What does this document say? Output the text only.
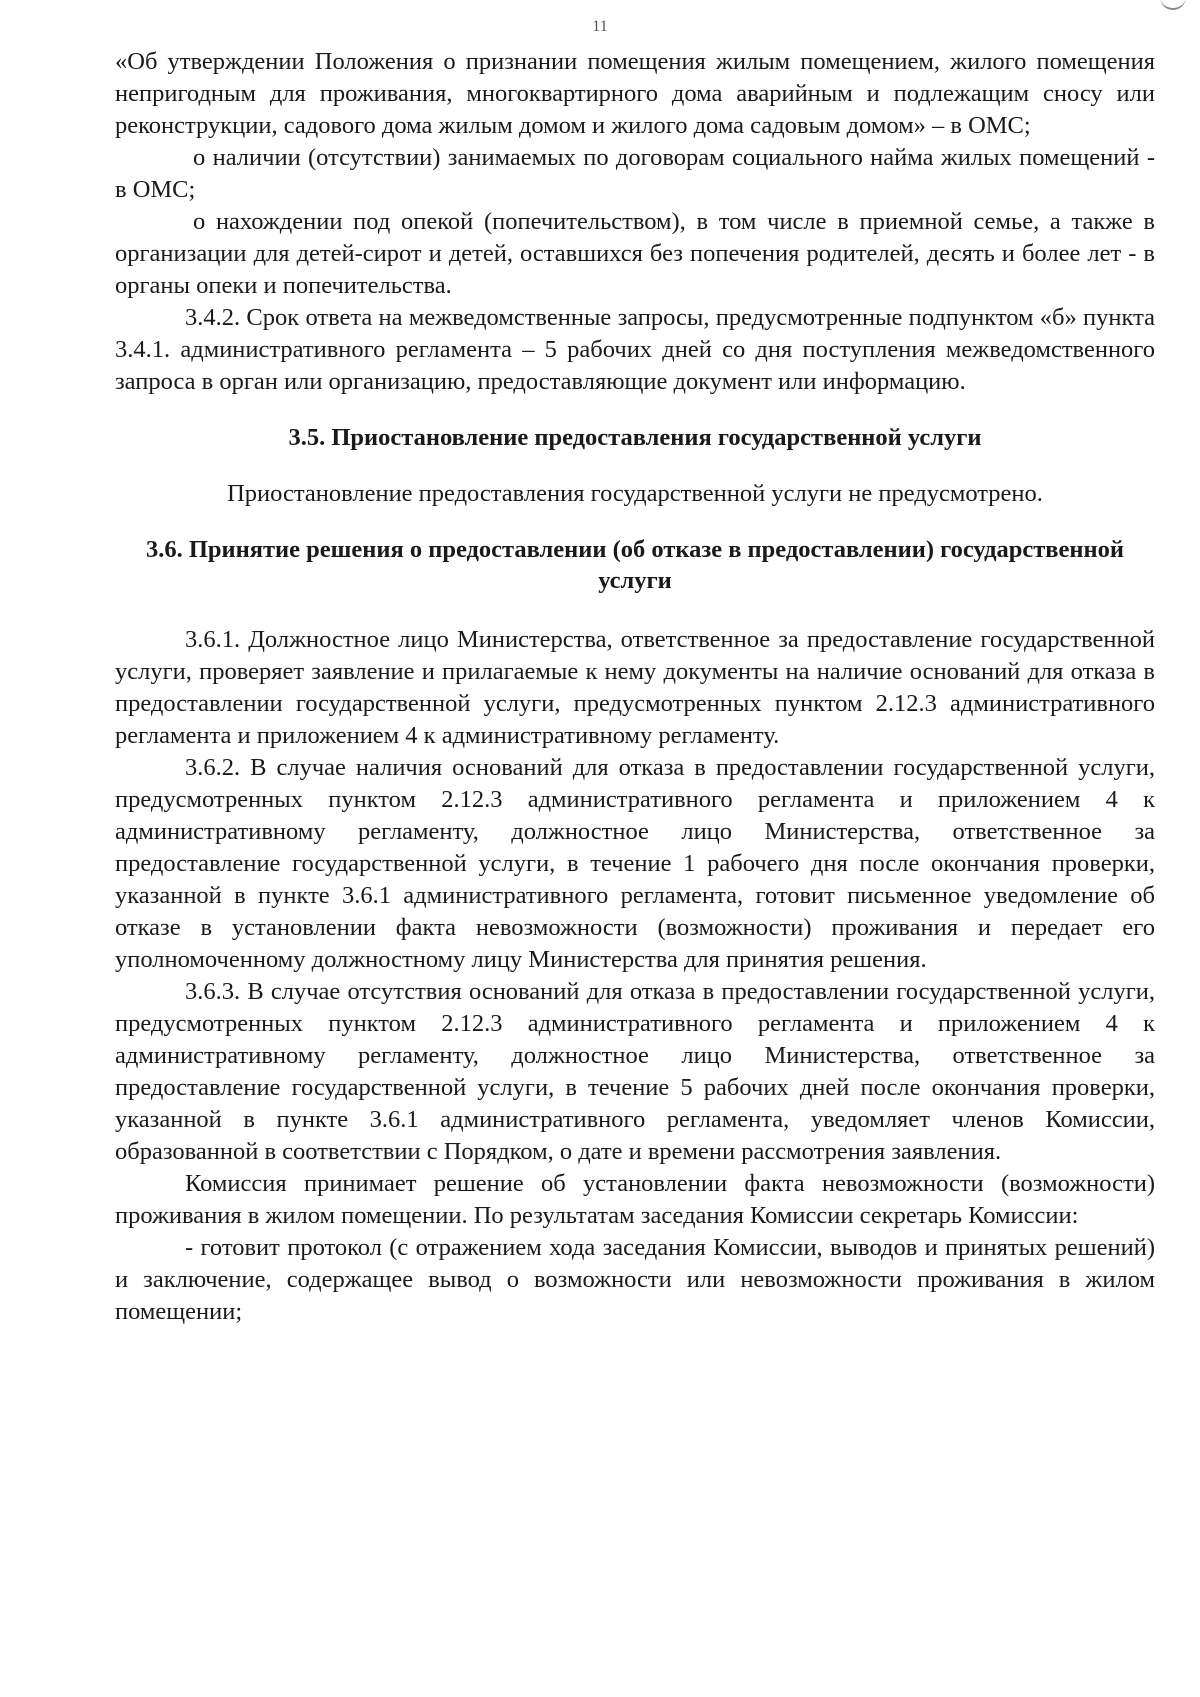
11

«Об утверждении Положения о признании помещения жилым помещением, жилого помещения непригодным для проживания, многоквартирного дома аварийным и подлежащим сносу или реконструкции, садового дома жилым домом и жилого дома садовым домом» – в ОМС;

о наличии (отсутствии) занимаемых по договорам социального найма жилых помещений - в ОМС;

о нахождении под опекой (попечительством), в том числе в приемной семье, а также в организации для детей-сирот и детей, оставшихся без попечения родителей, десять и более лет - в органы опеки и попечительства.

3.4.2. Срок ответа на межведомственные запросы, предусмотренные подпунктом «б» пункта 3.4.1. административного регламента – 5 рабочих дней со дня поступления межведомственного запроса в орган или организацию, предоставляющие документ или информацию.

3.5. Приостановление предоставления государственной услуги

Приостановление предоставления государственной услуги не предусмотрено.

3.6. Принятие решения о предоставлении (об отказе в предоставлении) государственной услуги

3.6.1. Должностное лицо Министерства, ответственное за предоставление государственной услуги, проверяет заявление и прилагаемые к нему документы на наличие оснований для отказа в предоставлении государственной услуги, предусмотренных пунктом 2.12.3 административного регламента и приложением 4 к административному регламенту.

3.6.2. В случае наличия оснований для отказа в предоставлении государственной услуги, предусмотренных пунктом 2.12.3 административного регламента и приложением 4 к административному регламенту, должностное лицо Министерства, ответственное за предоставление государственной услуги, в течение 1 рабочего дня после окончания проверки, указанной в пункте 3.6.1 административного регламента, готовит письменное уведомление об отказе в установлении факта невозможности (возможности) проживания и передает его уполномоченному должностному лицу Министерства для принятия решения.

3.6.3. В случае отсутствия оснований для отказа в предоставлении государственной услуги, предусмотренных пунктом 2.12.3 административного регламента и приложением 4 к административному регламенту, должностное лицо Министерства, ответственное за предоставление государственной услуги, в течение 5 рабочих дней после окончания проверки, указанной в пункте 3.6.1 административного регламента, уведомляет членов Комиссии, образованной в соответствии с Порядком, о дате и времени рассмотрения заявления.

Комиссия принимает решение об установлении факта невозможности (возможности) проживания в жилом помещении. По результатам заседания Комиссии секретарь Комиссии:

- готовит протокол (с отражением хода заседания Комиссии, выводов и принятых решений) и заключение, содержащее вывод о возможности или невозможности проживания в жилом помещении;
